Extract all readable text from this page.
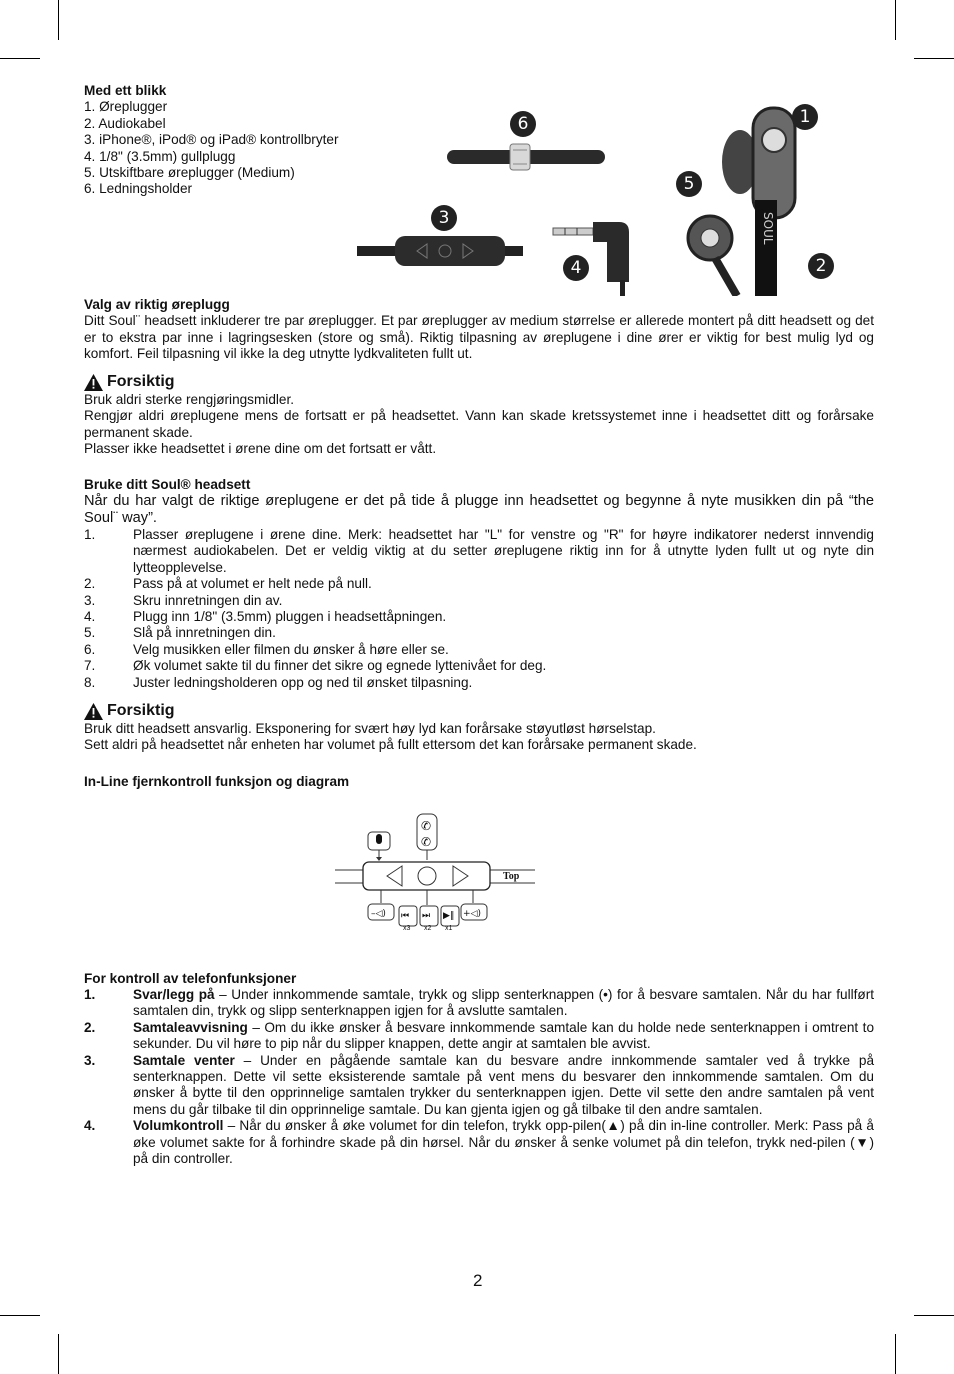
Med ett blikk
1. Øreplugger
2. Audiokabel
3. iPhone®, iPod® og iPad® kontrollbryter
4. 1/8" (3.5mm) gullplugg
5. Utskiftbare øreplugger (Medium)
6. Ledningsholder
SOUL
6	1
5
3
4	2
Valg av riktig øreplugg

Ditt Soul¨ headsett inkluderer tre par øreplugger. Et par øreplugger av medium størrelse er allerede montert på ditt headsett og det er to ekstra par inne i lagringsesken (store og små). Riktig tilpasning av øreplugene i dine ører er viktig for best mulig lyd og komfort. Feil tilpasning vil ikke la deg utnytte lydkvaliteten fullt ut.

Forsiktig

Bruk aldri sterke rengjøringsmidler.

Rengjør aldri øreplugene mens de fortsatt er på headsettet. Vann kan skade kretssystemet inne i headsettet ditt og forårsake permanent skade.

Plasser ikke headsettet i ørene dine om det fortsatt er vått.

Bruke ditt Soul® headsett

Når du har valgt de riktige øreplugene er det på tide å plugge inn headsettet og begynne å nyte musikken din på “the Soul¨ way”.

1.	Plasser øreplugene i ørene dine. Merk: headsettet har "L" for venstre og "R" for høyre indikatorer nederst innvendig nærmest audiokabelen. Det er veldig viktig at du setter øreplugene riktig inn for å utnytte lyden fullt ut og nyte din lytteopplevelse.
2.	Pass på at volumet er helt nede på null.
3.	Skru innretningen din av.
4.	Plugg inn 1/8" (3.5mm) pluggen i headsettåpningen.
5.	Slå på innretningen din.
6.	Velg musikken eller filmen du ønsker å høre eller se.
7.	Øk volumet sakte til du finner det sikre og egnede lyttenivået for deg.
8.	Juster ledningsholderen opp og ned til ønsket tilpasning.
Forsiktig

Bruk ditt headsett ansvarlig. Eksponering for svært høy lyd kan forårsake støyutløst hørselstap.

Sett aldri på headsettet når enheten har volumet på fullt ettersom det kan forårsake permanent skade.

In-Line fjernkontroll funksjon og diagram
✆
✆
–◁) ⏮ ⏭ ▶‖ +◁)
Top
x3 x2 x1
For kontroll av telefonfunksjoner
1.	Svar/legg på – Under innkommende samtale, trykk og slipp senterknappen (•) for å besvare samtalen. Når du har fullført samtalen din, trykk og slipp senterknappen igjen for å avslutte samtalen.
2.	Samtaleavvisning – Om du ikke ønsker å besvare innkommende samtale kan du holde nede senterknappen i omtrent to sekunder. Du vil høre to pip når du slipper knappen, dette angir at samtalen ble avvist.
3.	Samtale venter – Under en pågående samtale kan du besvare andre innkommende samtaler ved å trykke på senterknappen. Dette vil sette eksisterende samtale på vent mens du besvarer den innkommende samtalen. Om du ønsker å bytte til den opprinnelige samtalen trykker du senterknappen igjen. Dette vil sette den andre samtalen på vent mens du går tilbake til din opprinnelige samtale. Du kan gjenta igjen og gå tilbake til den andre samtalen.
4.	Volumkontroll – Når du ønsker å øke volumet for din telefon, trykk opp-pilen(▲) på din in-line controller. Merk: Pass på å øke volumet sakte for å forhindre skade på din hørsel. Når du ønsker å senke volumet på din telefon, trykk ned-pilen (▼) på din controller.
2
